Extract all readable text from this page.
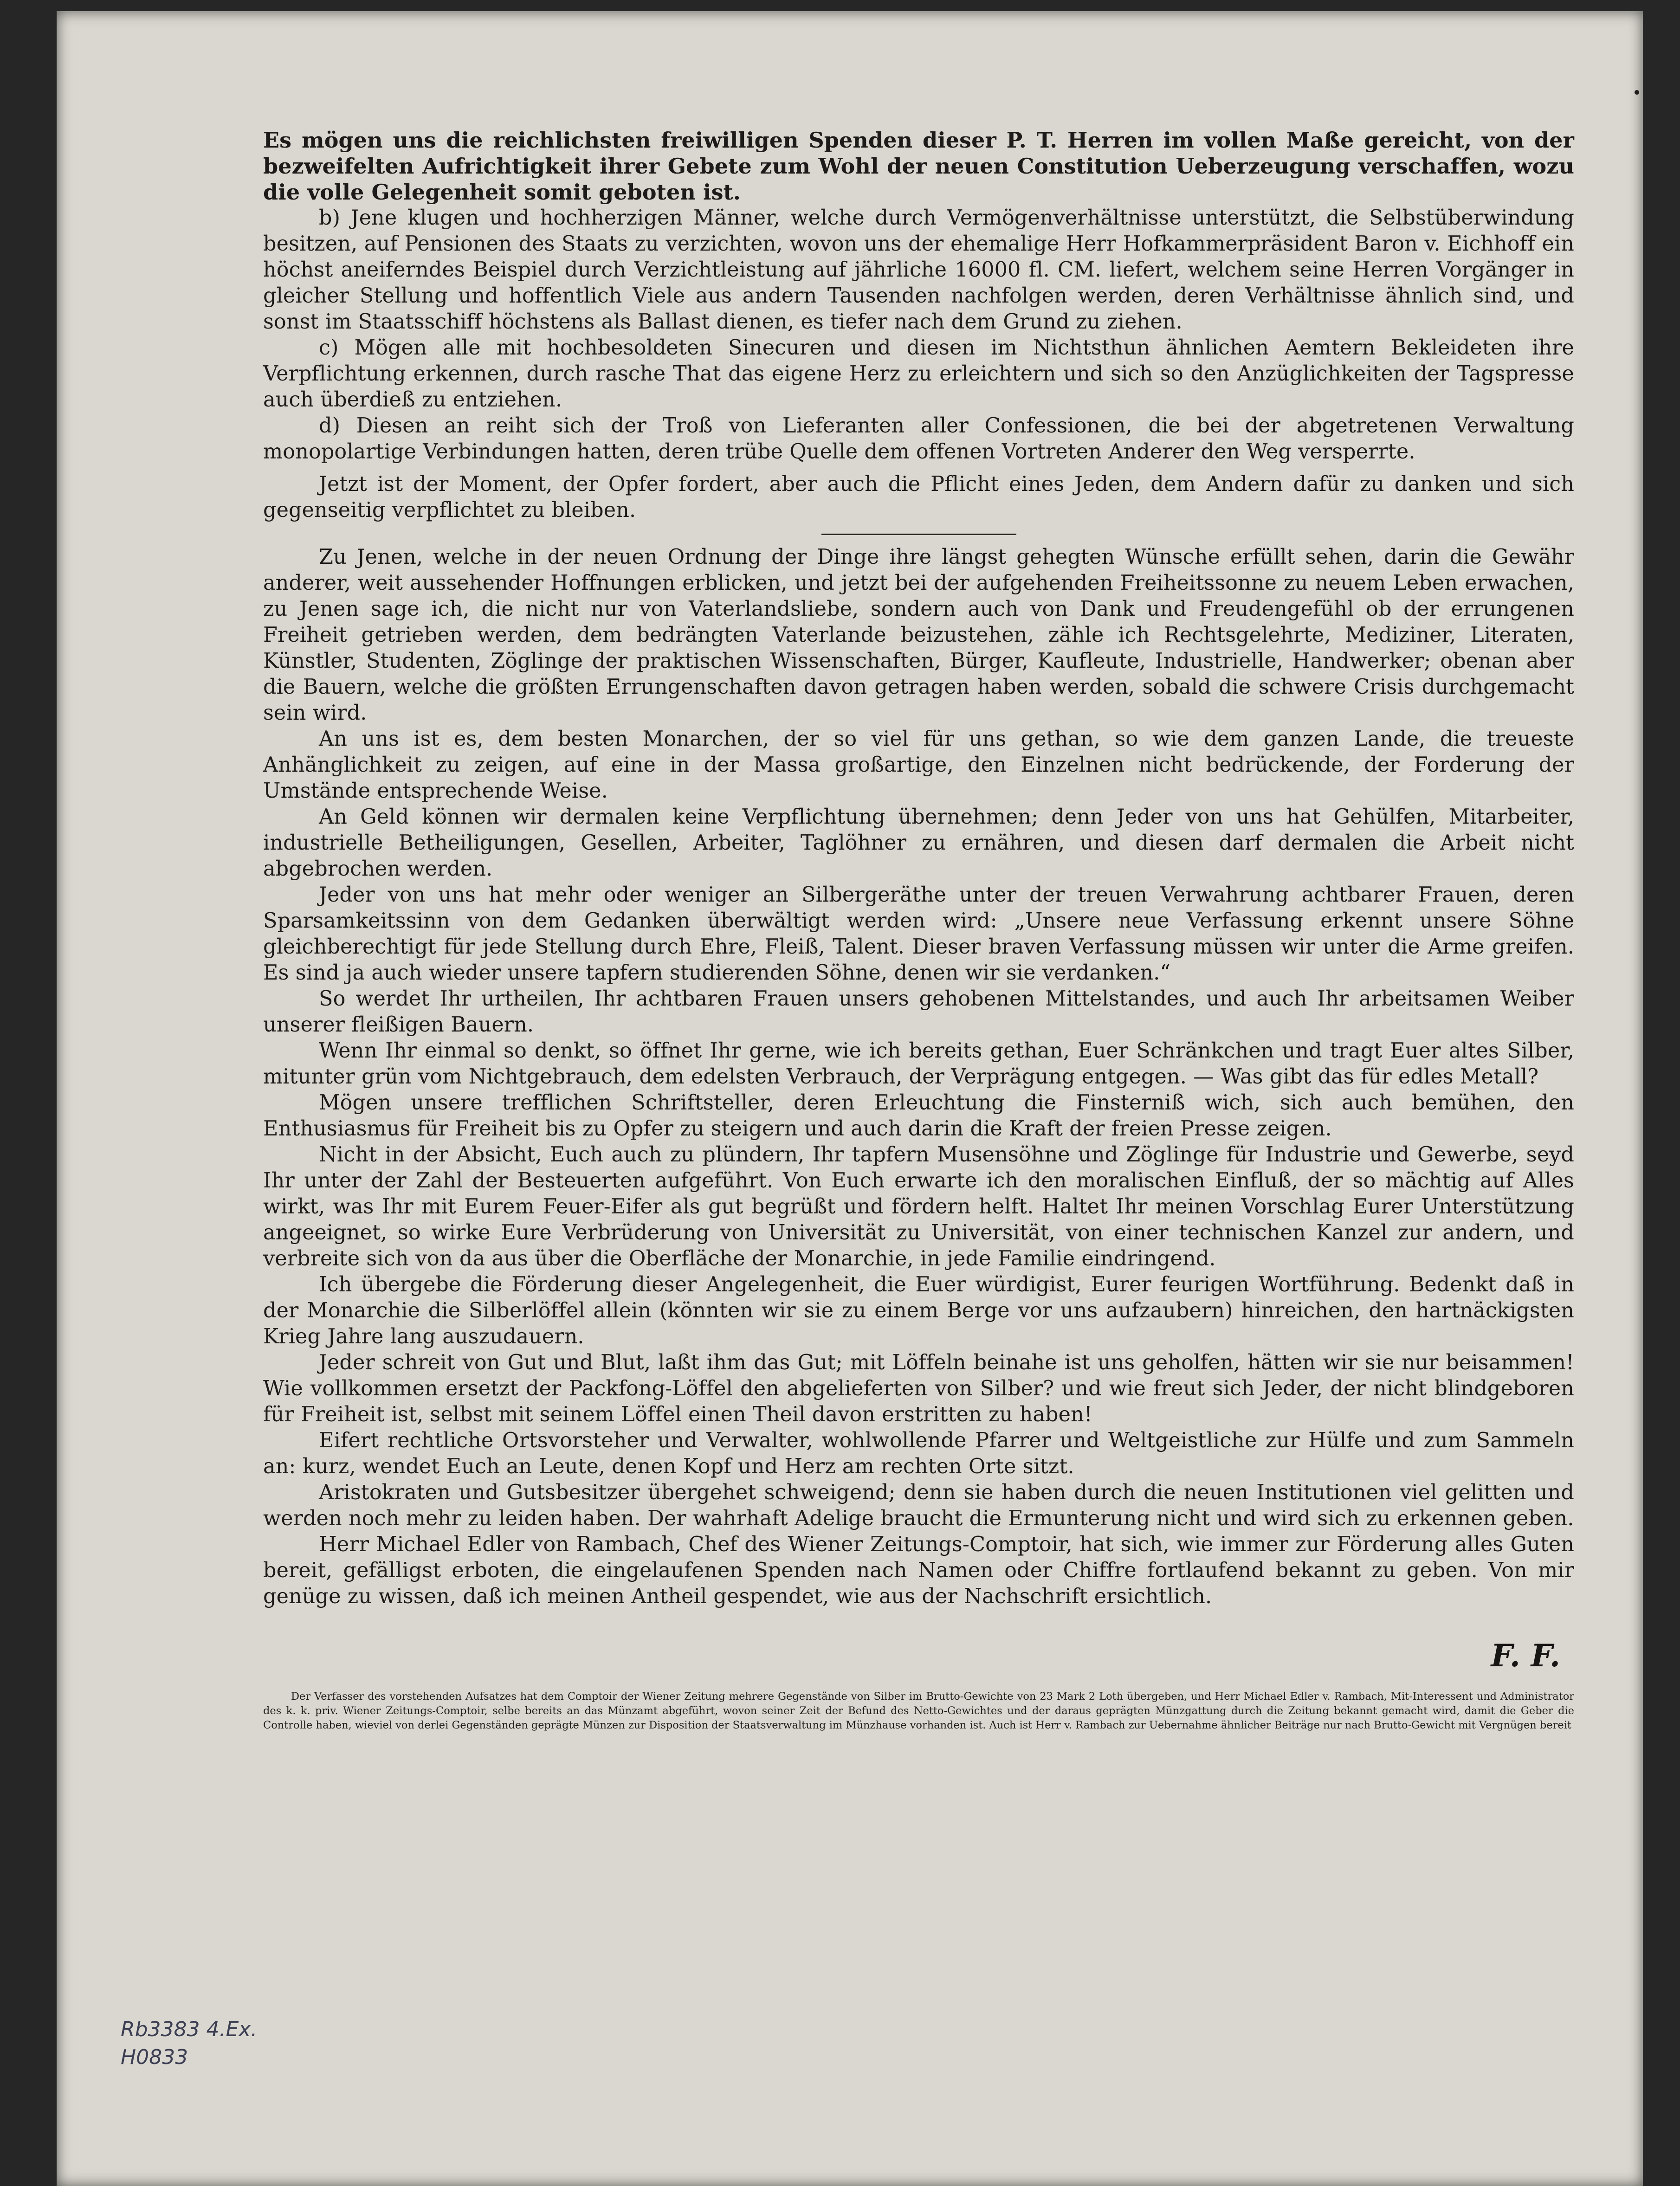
Es mögen uns die reichlichsten freiwilligen Spenden dieser P. T. Herren im vollen Maße gereicht, von der bezweifelten Aufrichtigkeit ihrer Gebete zum Wohl der neuen Constitution Ueberzeugung verschaffen, wozu die volle Gelegenheit somit geboten ist.

b) Jene klugen und hochherzigen Männer, welche durch Vermögenverhältnisse unterstützt, die Selbstüberwindung besitzen, auf Pensionen des Staats zu verzichten, wovon uns der ehemalige Herr Hofkammerpräsident Baron v. Eichhoff ein höchst aneiferndes Beispiel durch Verzichtleistung auf jährliche 16000 fl. CM. liefert, welchem seine Herren Vorgänger in gleicher Stellung und hoffentlich Viele aus andern Tausenden nachfolgen werden, deren Verhältnisse ähnlich sind, und sonst im Staatsschiff höchstens als Ballast dienen, es tiefer nach dem Grund zu ziehen.

c) Mögen alle mit hochbesoldeten Sinecuren und diesen im Nichtsthun ähnlichen Aemtern Bekleideten ihre Verpflichtung erkennen, durch rasche That das eigene Herz zu erleichtern und sich so den Anzüglichkeiten der Tagspresse auch überdieß zu entziehen.

d) Diesen an reiht sich der Troß von Lieferanten aller Confessionen, die bei der abgetretenen Verwaltung monopolartige Verbindungen hatten, deren trübe Quelle dem offenen Vortreten Anderer den Weg versperrte.

Jetzt ist der Moment, der Opfer fordert, aber auch die Pflicht eines Jeden, dem Andern dafür zu danken und sich gegenseitig verpflichtet zu bleiben.

Zu Jenen, welche in der neuen Ordnung der Dinge ihre längst gehegten Wünsche erfüllt sehen, darin die Gewähr anderer, weit aussehender Hoffnungen erblicken, und jetzt bei der aufgehenden Freiheitssonne zu neuem Leben erwachen, zu Jenen sage ich, die nicht nur von Vaterlandsliebe, sondern auch von Dank und Freudengefühl ob der errungenen Freiheit getrieben werden, dem bedrängten Vaterlande beizustehen, zähle ich Rechtsgelehrte, Mediziner, Literaten, Künstler, Studenten, Zöglinge der praktischen Wissenschaften, Bürger, Kaufleute, Industrielle, Handwerker; obenan aber die Bauern, welche die größten Errungenschaften davon getragen haben werden, sobald die schwere Crisis durchgemacht sein wird.

An uns ist es, dem besten Monarchen, der so viel für uns gethan, so wie dem ganzen Lande, die treueste Anhänglichkeit zu zeigen, auf eine in der Massa großartige, den Einzelnen nicht bedrückende, der Forderung der Umstände entsprechende Weise.

An Geld können wir dermalen keine Verpflichtung übernehmen; denn Jeder von uns hat Gehülfen, Mitarbeiter, industrielle Betheiligungen, Gesellen, Arbeiter, Taglöhner zu ernähren, und diesen darf dermalen die Arbeit nicht abgebrochen werden.

Jeder von uns hat mehr oder weniger an Silbergeräthe unter der treuen Verwahrung achtbarer Frauen, deren Sparsamkeitssinn von dem Gedanken überwältigt werden wird: „Unsere neue Verfassung erkennt unsere Söhne gleichberechtigt für jede Stellung durch Ehre, Fleiß, Talent. Dieser braven Verfassung müssen wir unter die Arme greifen. Es sind ja auch wieder unsere tapfern studierenden Söhne, denen wir sie verdanken.“

So werdet Ihr urtheilen, Ihr achtbaren Frauen unsers gehobenen Mittelstandes, und auch Ihr arbeitsamen Weiber unserer fleißigen Bauern.

Wenn Ihr einmal so denkt, so öffnet Ihr gerne, wie ich bereits gethan, Euer Schränkchen und tragt Euer altes Silber, mitunter grün vom Nichtgebrauch, dem edelsten Verbrauch, der Verprägung entgegen. — Was gibt das für edles Metall?

Mögen unsere trefflichen Schriftsteller, deren Erleuchtung die Finsterniß wich, sich auch bemühen, den Enthusiasmus für Freiheit bis zu Opfer zu steigern und auch darin die Kraft der freien Presse zeigen.

Nicht in der Absicht, Euch auch zu plündern, Ihr tapfern Musensöhne und Zöglinge für Industrie und Gewerbe, seyd Ihr unter der Zahl der Besteuerten aufgeführt. Von Euch erwarte ich den moralischen Einfluß, der so mächtig auf Alles wirkt, was Ihr mit Eurem Feuer-Eifer als gut begrüßt und fördern helft. Haltet Ihr meinen Vorschlag Eurer Unterstützung angeeignet, so wirke Eure Verbrüderung von Universität zu Universität, von einer technischen Kanzel zur andern, und verbreite sich von da aus über die Oberfläche der Monarchie, in jede Familie eindringend.

Ich übergebe die Förderung dieser Angelegenheit, die Euer würdigist, Eurer feurigen Wortführung. Bedenkt daß in der Monarchie die Silberlöffel allein (könnten wir sie zu einem Berge vor uns aufzaubern) hinreichen, den hartnäckigsten Krieg Jahre lang auszudauern.

Jeder schreit von Gut und Blut, laßt ihm das Gut; mit Löffeln beinahe ist uns geholfen, hätten wir sie nur beisammen! Wie vollkommen ersetzt der Packfong-Löffel den abgelieferten von Silber? und wie freut sich Jeder, der nicht blindgeboren für Freiheit ist, selbst mit seinem Löffel einen Theil davon erstritten zu haben!

Eifert rechtliche Ortsvorsteher und Verwalter, wohlwollende Pfarrer und Weltgeistliche zur Hülfe und zum Sammeln an: kurz, wendet Euch an Leute, denen Kopf und Herz am rechten Orte sitzt.

Aristokraten und Gutsbesitzer übergehet schweigend; denn sie haben durch die neuen Institutionen viel gelitten und werden noch mehr zu leiden haben. Der wahrhaft Adelige braucht die Ermunterung nicht und wird sich zu erkennen geben.

Herr Michael Edler von Rambach, Chef des Wiener Zeitungs-Comptoir, hat sich, wie immer zur Förderung alles Guten bereit, gefälligst erboten, die eingelaufenen Spenden nach Namen oder Chiffre fortlaufend bekannt zu geben. Von mir genüge zu wissen, daß ich meinen Antheil gespendet, wie aus der Nachschrift ersichtlich.

F. F.

Der Verfasser des vorstehenden Aufsatzes hat dem Comptoir der Wiener Zeitung mehrere Gegenstände von Silber im Brutto-Gewichte von 23 Mark 2 Loth übergeben, und Herr Michael Edler v. Rambach, Mit-Interessent und Administrator des k. k. priv. Wiener Zeitungs-Comptoir, selbe bereits an das Münzamt abgeführt, wovon seiner Zeit der Befund des Netto-Gewichtes und der daraus geprägten Münzgattung durch die Zeitung bekannt gemacht wird, damit die Geber die Controlle haben, wieviel von derlei Gegenständen geprägte Münzen zur Disposition der Staatsverwaltung im Münzhause vorhanden ist. Auch ist Herr v. Rambach zur Uebernahme ähnlicher Beiträge nur nach Brutto-Gewicht mit Vergnügen bereit

Rb3383 4.Ex.
H0833
